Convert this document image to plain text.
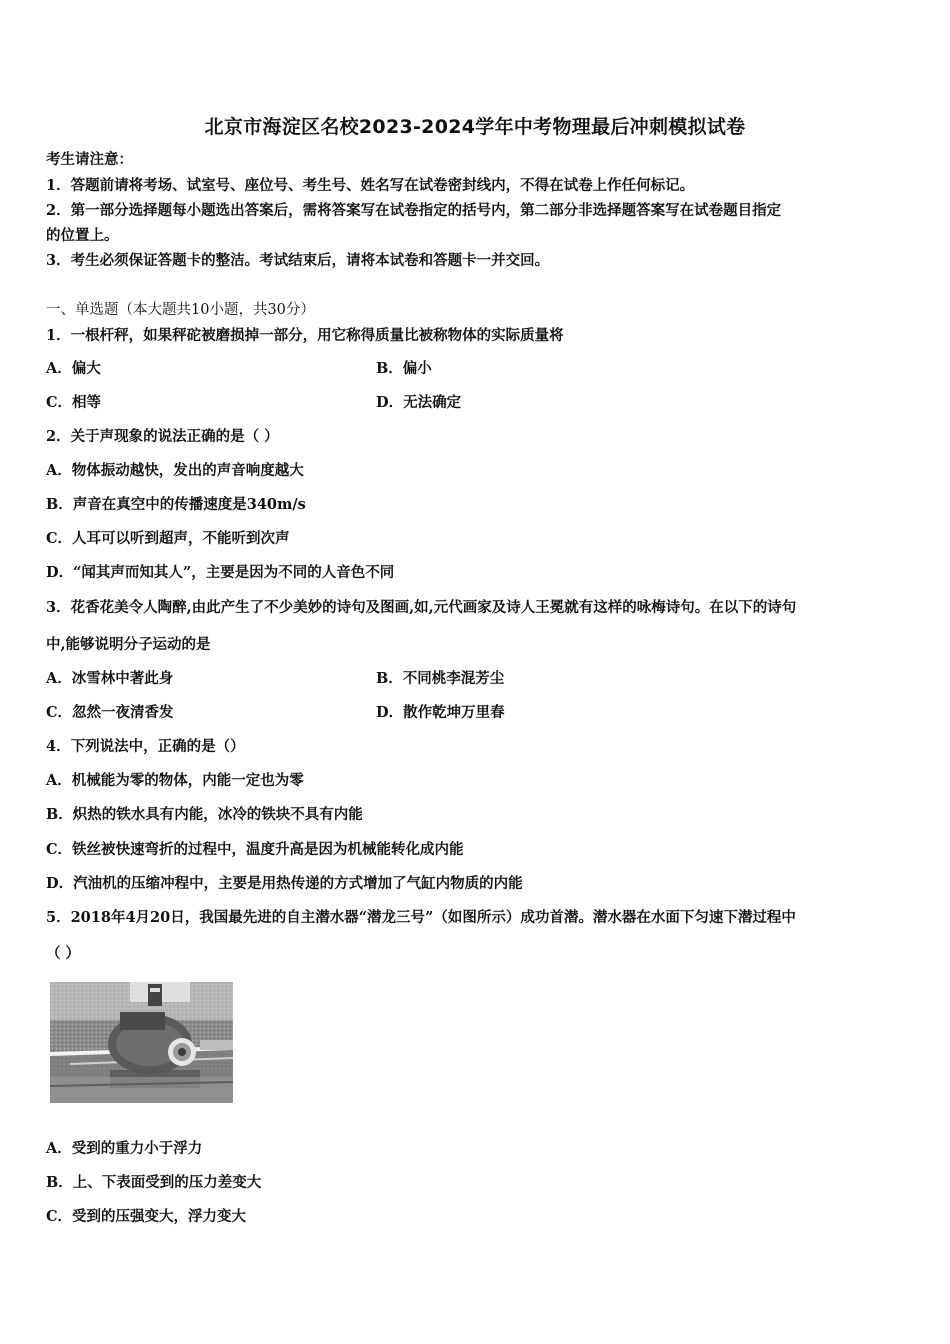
北京市海淀区名校2023-2024学年中考物理最后冲刺模拟试卷
考生请注意：
1．答题前请将考场、试室号、座位号、考生号、姓名写在试卷密封线内，不得在试卷上作任何标记。
2．第一部分选择题每小题选出答案后，需将答案写在试卷指定的括号内，第二部分非选择题答案写在试卷题目指定
的位置上。
3．考生必须保证答题卡的整洁。考试结束后，请将本试卷和答题卡一并交回。
一、单选题（本大题共10小题，共30分）
1．一根杆秤，如果秤砣被磨损掉一部分，用它称得质量比被称物体的实际质量将
A．偏大	B．偏小
C．相等	D．无法确定
2．关于声现象的说法正确的是（ ）
A．物体振动越快，发出的声音响度越大
B．声音在真空中的传播速度是340m/s
C．人耳可以听到超声，不能听到次声
D．“闻其声而知其人”，主要是因为不同的人音色不同
3．花香花美令人陶醉,由此产生了不少美妙的诗句及图画,如,元代画家及诗人王冕就有这样的咏梅诗句。在以下的诗句
中,能够说明分子运动的是
A．冰雪林中著此身	B．不同桃李混芳尘
C．忽然一夜清香发	D．散作乾坤万里春
4．下列说法中，正确的是（）
A．机械能为零的物体，内能一定也为零
B．炽热的铁水具有内能，冰冷的铁块不具有内能
C．铁丝被快速弯折的过程中，温度升高是因为机械能转化成内能
D．汽油机的压缩冲程中，主要是用热传递的方式增加了气缸内物质的内能
5．2018年4月20日，我国最先进的自主潜水器“潜龙三号”（如图所示）成功首潜。潜水器在水面下匀速下潜过程中
（ ）
A．受到的重力小于浮力
B．上、下表面受到的压力差变大
C．受到的压强变大，浮力变大
